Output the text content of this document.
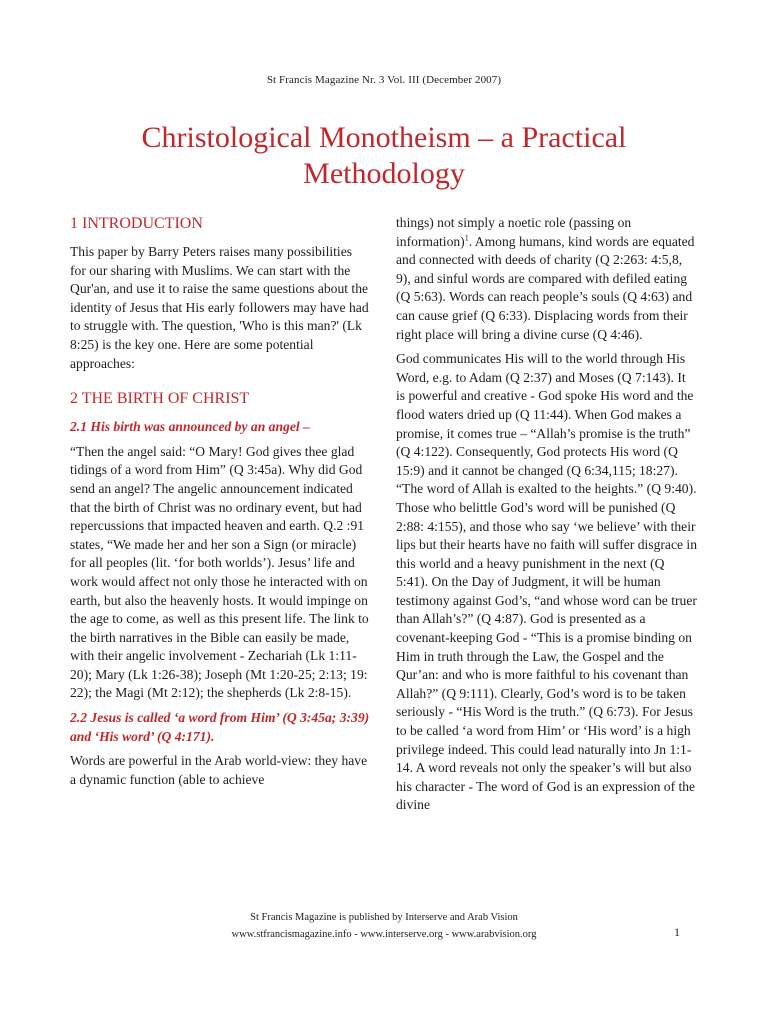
St Francis Magazine Nr. 3 Vol. III (December 2007)
Christological Monotheism – a Practical
Methodology
1 INTRODUCTION

This paper by Barry Peters raises many possibilities for our sharing with Muslims. We can start with the Qur'an, and use it to raise the same questions about the identity of Jesus that His early followers may have had to struggle with. The question, 'Who is this man?' (Lk 8:25) is the key one. Here are some potential approaches:

2 THE BIRTH OF CHRIST
2.1 His birth was announced by an angel –

“Then the angel said: “O Mary! God gives thee glad tidings of a word from Him” (Q 3:45a). Why did God send an angel? The angelic announcement indicated that the birth of Christ was no ordinary event, but had repercussions that impacted heaven and earth. Q.2 :91 states, “We made her and her son a Sign (or miracle) for all peoples (lit. ‘for both worlds’). Jesus’ life and work would affect not only those he interacted with on earth, but also the heavenly hosts. It would impinge on the age to come, as well as this present life. The link to the birth narratives in the Bible can easily be made, with their angelic involvement - Zechariah (Lk 1:11-20); Mary (Lk 1:26-38); Joseph (Mt 1:20-25; 2:13; 19: 22); the Magi (Mt 2:12); the shepherds (Lk 2:8-15).

2.2 Jesus is called ‘a word from Him’ (Q 3:45a; 3:39) and ‘His word’ (Q 4:171).

Words are powerful in the Arab world-view: they have a dynamic function (able to achieve

things) not simply a noetic role (passing on information)$^1$. Among humans, kind words are equated and connected with deeds of charity (Q 2:263: 4:5,8, 9), and sinful words are compared with defiled eating (Q 5:63). Words can reach people’s souls (Q 4:63) and can cause grief (Q 6:33). Displacing words from their right place will bring a divine curse (Q 4:46).

God communicates His will to the world through His Word, e.g. to Adam (Q 2:37) and Moses (Q 7:143). It is powerful and creative - God spoke His word and the flood waters dried up (Q 11:44). When God makes a promise, it comes true – “Allah’s promise is the truth” (Q 4:122). Consequently, God protects His word (Q 15:9) and it cannot be changed (Q 6:34,115; 18:27). “The word of Allah is exalted to the heights.” (Q 9:40). Those who belittle God’s word will be punished (Q 2:88: 4:155), and those who say ‘we believe’ with their lips but their hearts have no faith will suffer disgrace in this world and a heavy punishment in the next (Q 5:41). On the Day of Judgment, it will be human testimony against God’s, “and whose word can be truer than Allah’s?” (Q 4:87). God is presented as a covenant-keeping God - “This is a promise binding on Him in truth through the Law, the Gospel and the Qur’an: and who is more faithful to his covenant than Allah?” (Q 9:111). Clearly, God’s word is to be taken seriously - “His Word is the truth.” (Q 6:73). For Jesus to be called ‘a word from Him’ or ‘His word’ is a high privilege indeed. This could lead naturally into Jn 1:1-14. A word reveals not only the speaker’s will but also his character - The word of God is an expression of the divine

St Francis Magazine is published by Interserve and Arab Vision
www.stfrancismagazine.info - www.interserve.org - www.arabvision.org	1
